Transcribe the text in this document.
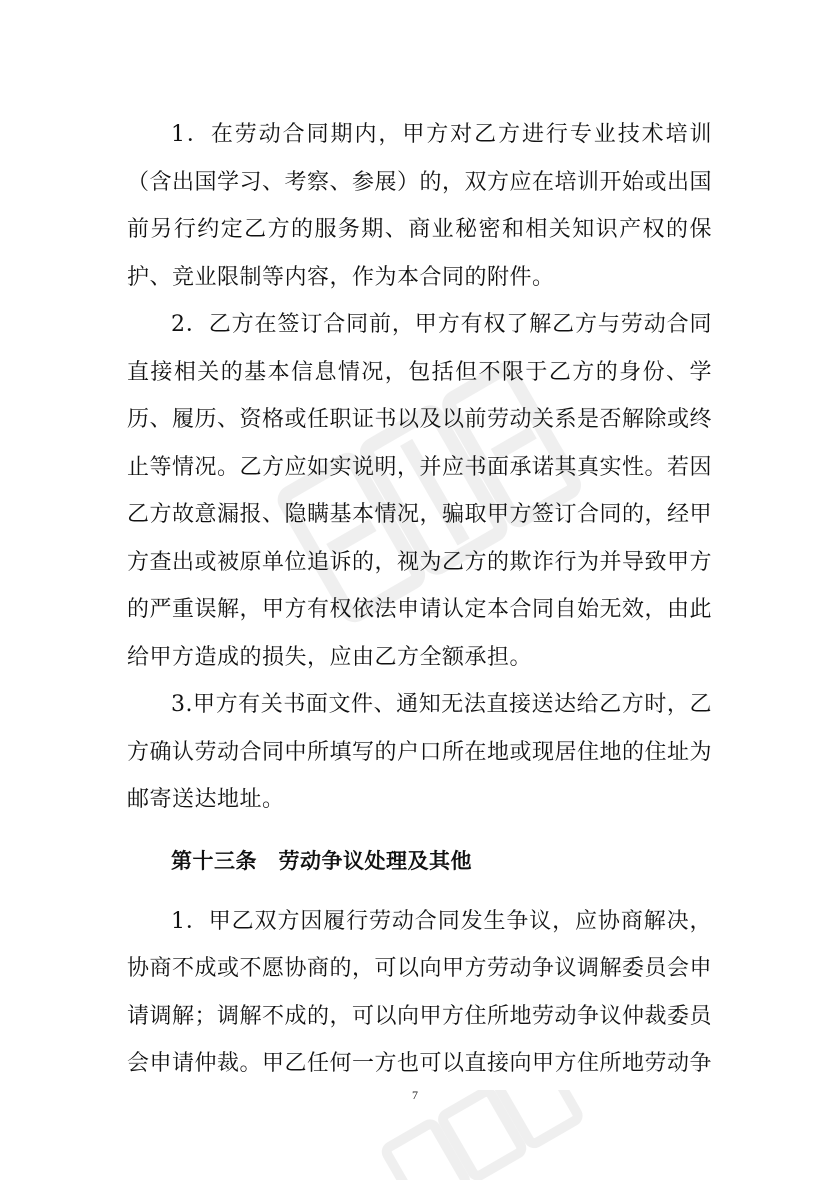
1．在劳动合同期内，甲方对乙方进行专业技术培训（含出国学习、考察、参展）的，双方应在培训开始或出国前另行约定乙方的服务期、商业秘密和相关知识产权的保护、竞业限制等内容，作为本合同的附件。

2．乙方在签订合同前，甲方有权了解乙方与劳动合同直接相关的基本信息情况，包括但不限于乙方的身份、学历、履历、资格或任职证书以及以前劳动关系是否解除或终止等情况。乙方应如实说明，并应书面承诺其真实性。若因乙方故意漏报、隐瞒基本情况，骗取甲方签订合同的，经甲方查出或被原单位追诉的，视为乙方的欺诈行为并导致甲方的严重误解，甲方有权依法申请认定本合同自始无效，由此给甲方造成的损失，应由乙方全额承担。

3.甲方有关书面文件、通知无法直接送达给乙方时，乙方确认劳动合同中所填写的户口所在地或现居住地的住址为邮寄送达地址。

第十三条　劳动争议处理及其他

1．甲乙双方因履行劳动合同发生争议，应协商解决，协商不成或不愿协商的，可以向甲方劳动争议调解委员会申请调解；调解不成的，可以向甲方住所地劳动争议仲裁委员会申请仲裁。甲乙任何一方也可以直接向甲方住所地劳动争

7
